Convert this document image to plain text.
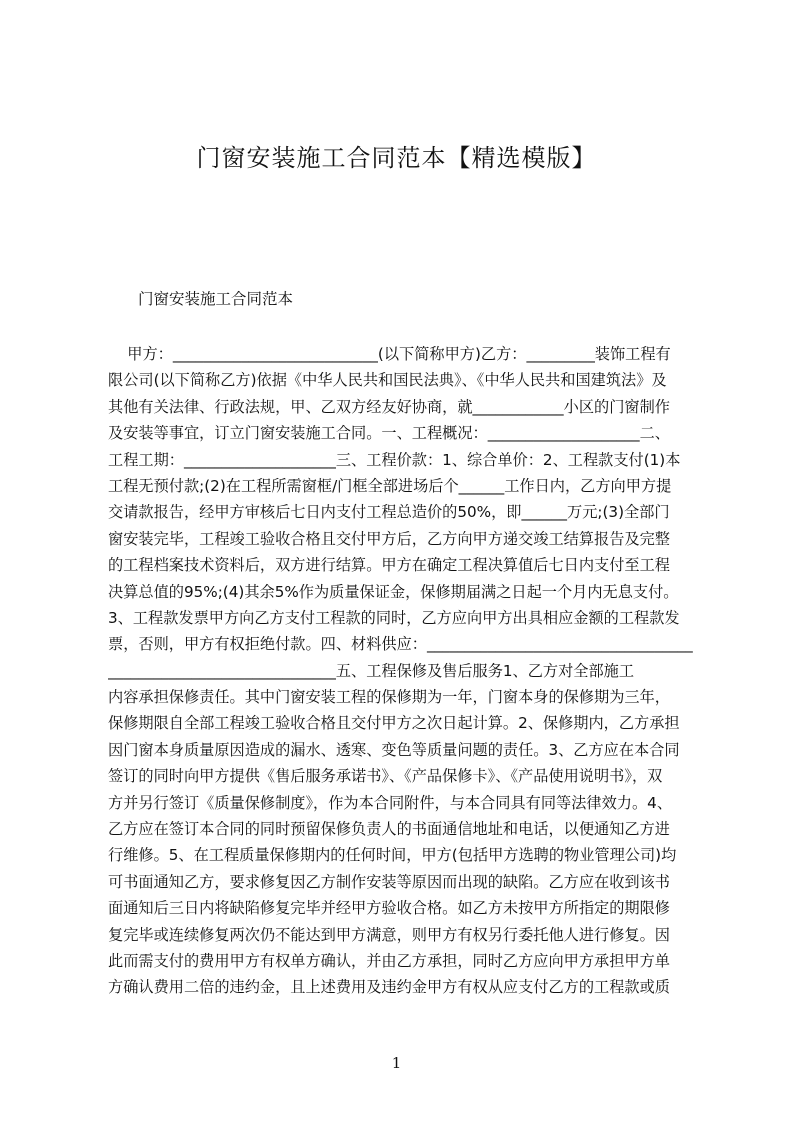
门窗安装施工合同范本【精选模版】
门窗安装施工合同范本
甲方：___________________________(以下简称甲方)乙方：_________装饰工程有
限公司(以下简称乙方)依据《中华人民共和国民法典》、《中华人民共和国建筑法》及
其他有关法律、行政法规，甲、乙双方经友好协商，就____________小区的门窗制作
及安装等事宜，订立门窗安装施工合同。一、工程概况：____________________二、
工程工期：____________________三、工程价款：1、综合单价：2、工程款支付(1)本
工程无预付款;(2)在工程所需窗框/门框全部进场后个______工作日内，乙方向甲方提
交请款报告，经甲方审核后七日内支付工程总造价的50%，即______万元;(3)全部门
窗安装完毕，工程竣工验收合格且交付甲方后，乙方向甲方递交竣工结算报告及完整
的工程档案技术资料后，双方进行结算。甲方在确定工程决算值后七日内支付至工程
决算总值的95%;(4)其余5%作为质量保证金，保修期届满之日起一个月内无息支付。
3、工程款发票甲方向乙方支付工程款的同时，乙方应向甲方出具相应金额的工程款发
票，否则，甲方有权拒绝付款。四、材料供应：___________________________________
______________________________五、工程保修及售后服务1、乙方对全部施工
内容承担保修责任。其中门窗安装工程的保修期为一年，门窗本身的保修期为三年，
保修期限自全部工程竣工验收合格且交付甲方之次日起计算。2、保修期内，乙方承担
因门窗本身质量原因造成的漏水、透寒、变色等质量问题的责任。3、乙方应在本合同
签订的同时向甲方提供《售后服务承诺书》、《产品保修卡》、《产品使用说明书》，双
方并另行签订《质量保修制度》，作为本合同附件，与本合同具有同等法律效力。4、
乙方应在签订本合同的同时预留保修负责人的书面通信地址和电话，以便通知乙方进
行维修。5、在工程质量保修期内的任何时间，甲方(包括甲方选聘的物业管理公司)均
可书面通知乙方，要求修复因乙方制作安装等原因而出现的缺陷。乙方应在收到该书
面通知后三日内将缺陷修复完毕并经甲方验收合格。如乙方未按甲方所指定的期限修
复完毕或连续修复两次仍不能达到甲方满意，则甲方有权另行委托他人进行修复。因
此而需支付的费用甲方有权单方确认，并由乙方承担，同时乙方应向甲方承担甲方单
方确认费用二倍的违约金，且上述费用及违约金甲方有权从应支付乙方的工程款或质
1
